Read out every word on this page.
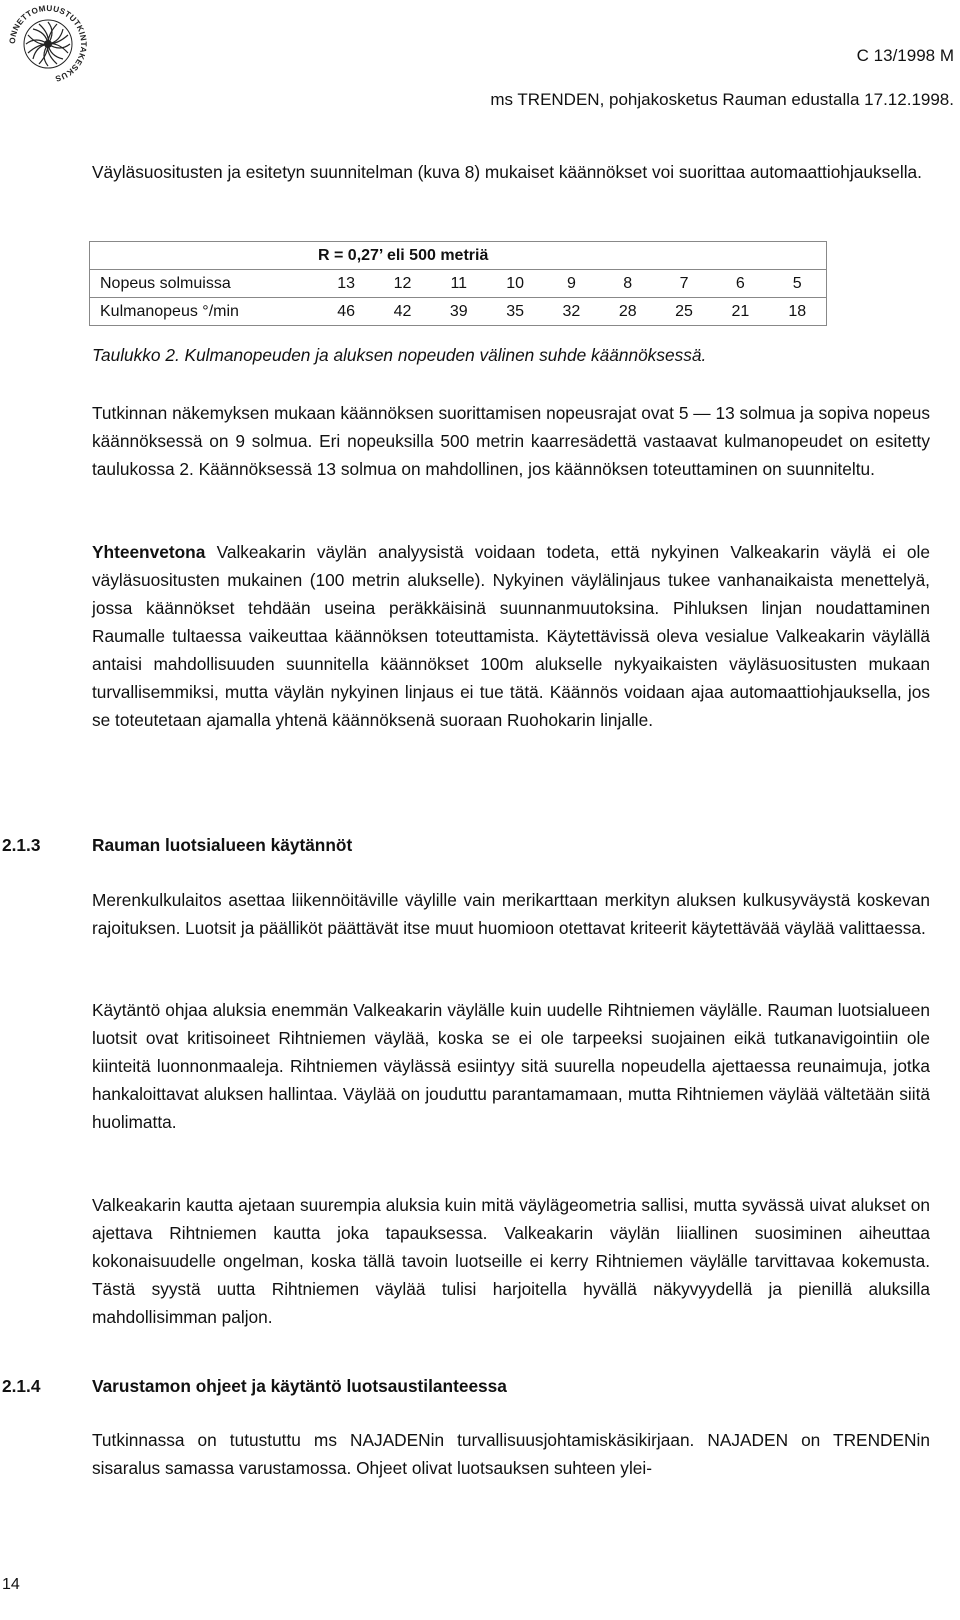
ONNETTOMUUSTUTKINTAKESKUS
C 13/1998 M
ms TRENDEN, pohjakosketus Rauman edustalla 17.12.1998.

Väyläsuositusten ja esitetyn suunnitelman (kuva 8) mukaiset käännökset voi suorittaa automaattiohjauksella.

R = 0,27’ eli 500 metriä									
Nopeus solmuissa	13	12	11	10	9	8	7	6	5
Kulmanopeus °/min	46	42	39	35	32	28	25	21	18
Taulukko 2. Kulmanopeuden ja aluksen nopeuden välinen suhde käännöksessä.

Tutkinnan näkemyksen mukaan käännöksen suorittamisen nopeusrajat ovat 5 — 13 solmua ja sopiva nopeus käännöksessä on 9 solmua. Eri nopeuksilla 500 metrin kaarresädettä vastaavat kulmanopeudet on esitetty taulukossa 2. Käännöksessä 13 solmua on mahdollinen, jos käännöksen toteuttaminen on suunniteltu.

Yhteenvetona Valkeakarin väylän analyysistä voidaan todeta, että nykyinen Valkeakarin väylä ei ole väyläsuositusten mukainen (100 metrin alukselle). Nykyinen väylälinjaus tukee vanhanaikaista menettelyä, jossa käännökset tehdään useina peräkkäisinä suunnanmuutoksina. Pihluksen linjan noudattaminen Raumalle tultaessa vaikeuttaa käännöksen toteuttamista. Käytettävissä oleva vesialue Valkeakarin väylällä antaisi mahdollisuuden suunnitella käännökset 100m alukselle nykyaikaisten väyläsuositusten mukaan turvallisemmiksi, mutta väylän nykyinen linjaus ei tue tätä. Käännös voidaan ajaa automaattiohjauksella, jos se toteutetaan ajamalla yhtenä käännöksenä suoraan Ruohokarin linjalle.

2.1.3	Rauman luotsialueen käytännöt

Merenkulkulaitos asettaa liikennöitäville väylille vain merikarttaan merkityn aluksen kulkusyväystä koskevan rajoituksen. Luotsit ja päälliköt päättävät itse muut huomioon otettavat kriteerit käytettävää väylää valittaessa.

Käytäntö ohjaa aluksia enemmän Valkeakarin väylälle kuin uudelle Rihtniemen väylälle. Rauman luotsialueen luotsit ovat kritisoineet Rihtniemen väylää, koska se ei ole tarpeeksi suojainen eikä tutkanavigointiin ole kiinteitä luonnonmaaleja. Rihtniemen väylässä esiintyy sitä suurella nopeudella ajettaessa reunaimuja, jotka hankaloittavat aluksen hallintaa. Väylää on jouduttu parantamamaan, mutta Rihtniemen väylää vältetään siitä huolimatta.

Valkeakarin kautta ajetaan suurempia aluksia kuin mitä väylägeometria sallisi, mutta syvässä uivat alukset on ajettava Rihtniemen kautta joka tapauksessa. Valkeakarin väylän liiallinen suosiminen aiheuttaa kokonaisuudelle ongelman, koska tällä tavoin luotseille ei kerry Rihtniemen väylälle tarvittavaa kokemusta. Tästä syystä uutta Rihtniemen väylää tulisi harjoitella hyvällä näkyvyydellä ja pienillä aluksilla mahdollisimman paljon.

2.1.4	Varustamon ohjeet ja käytäntö luotsaustilanteessa

Tutkinnassa on tutustuttu ms NAJADENin turvallisuusjohtamiskäsikirjaan. NAJADEN on TRENDENin sisaralus samassa varustamossa. Ohjeet olivat luotsauksen suhteen ylei-

14
